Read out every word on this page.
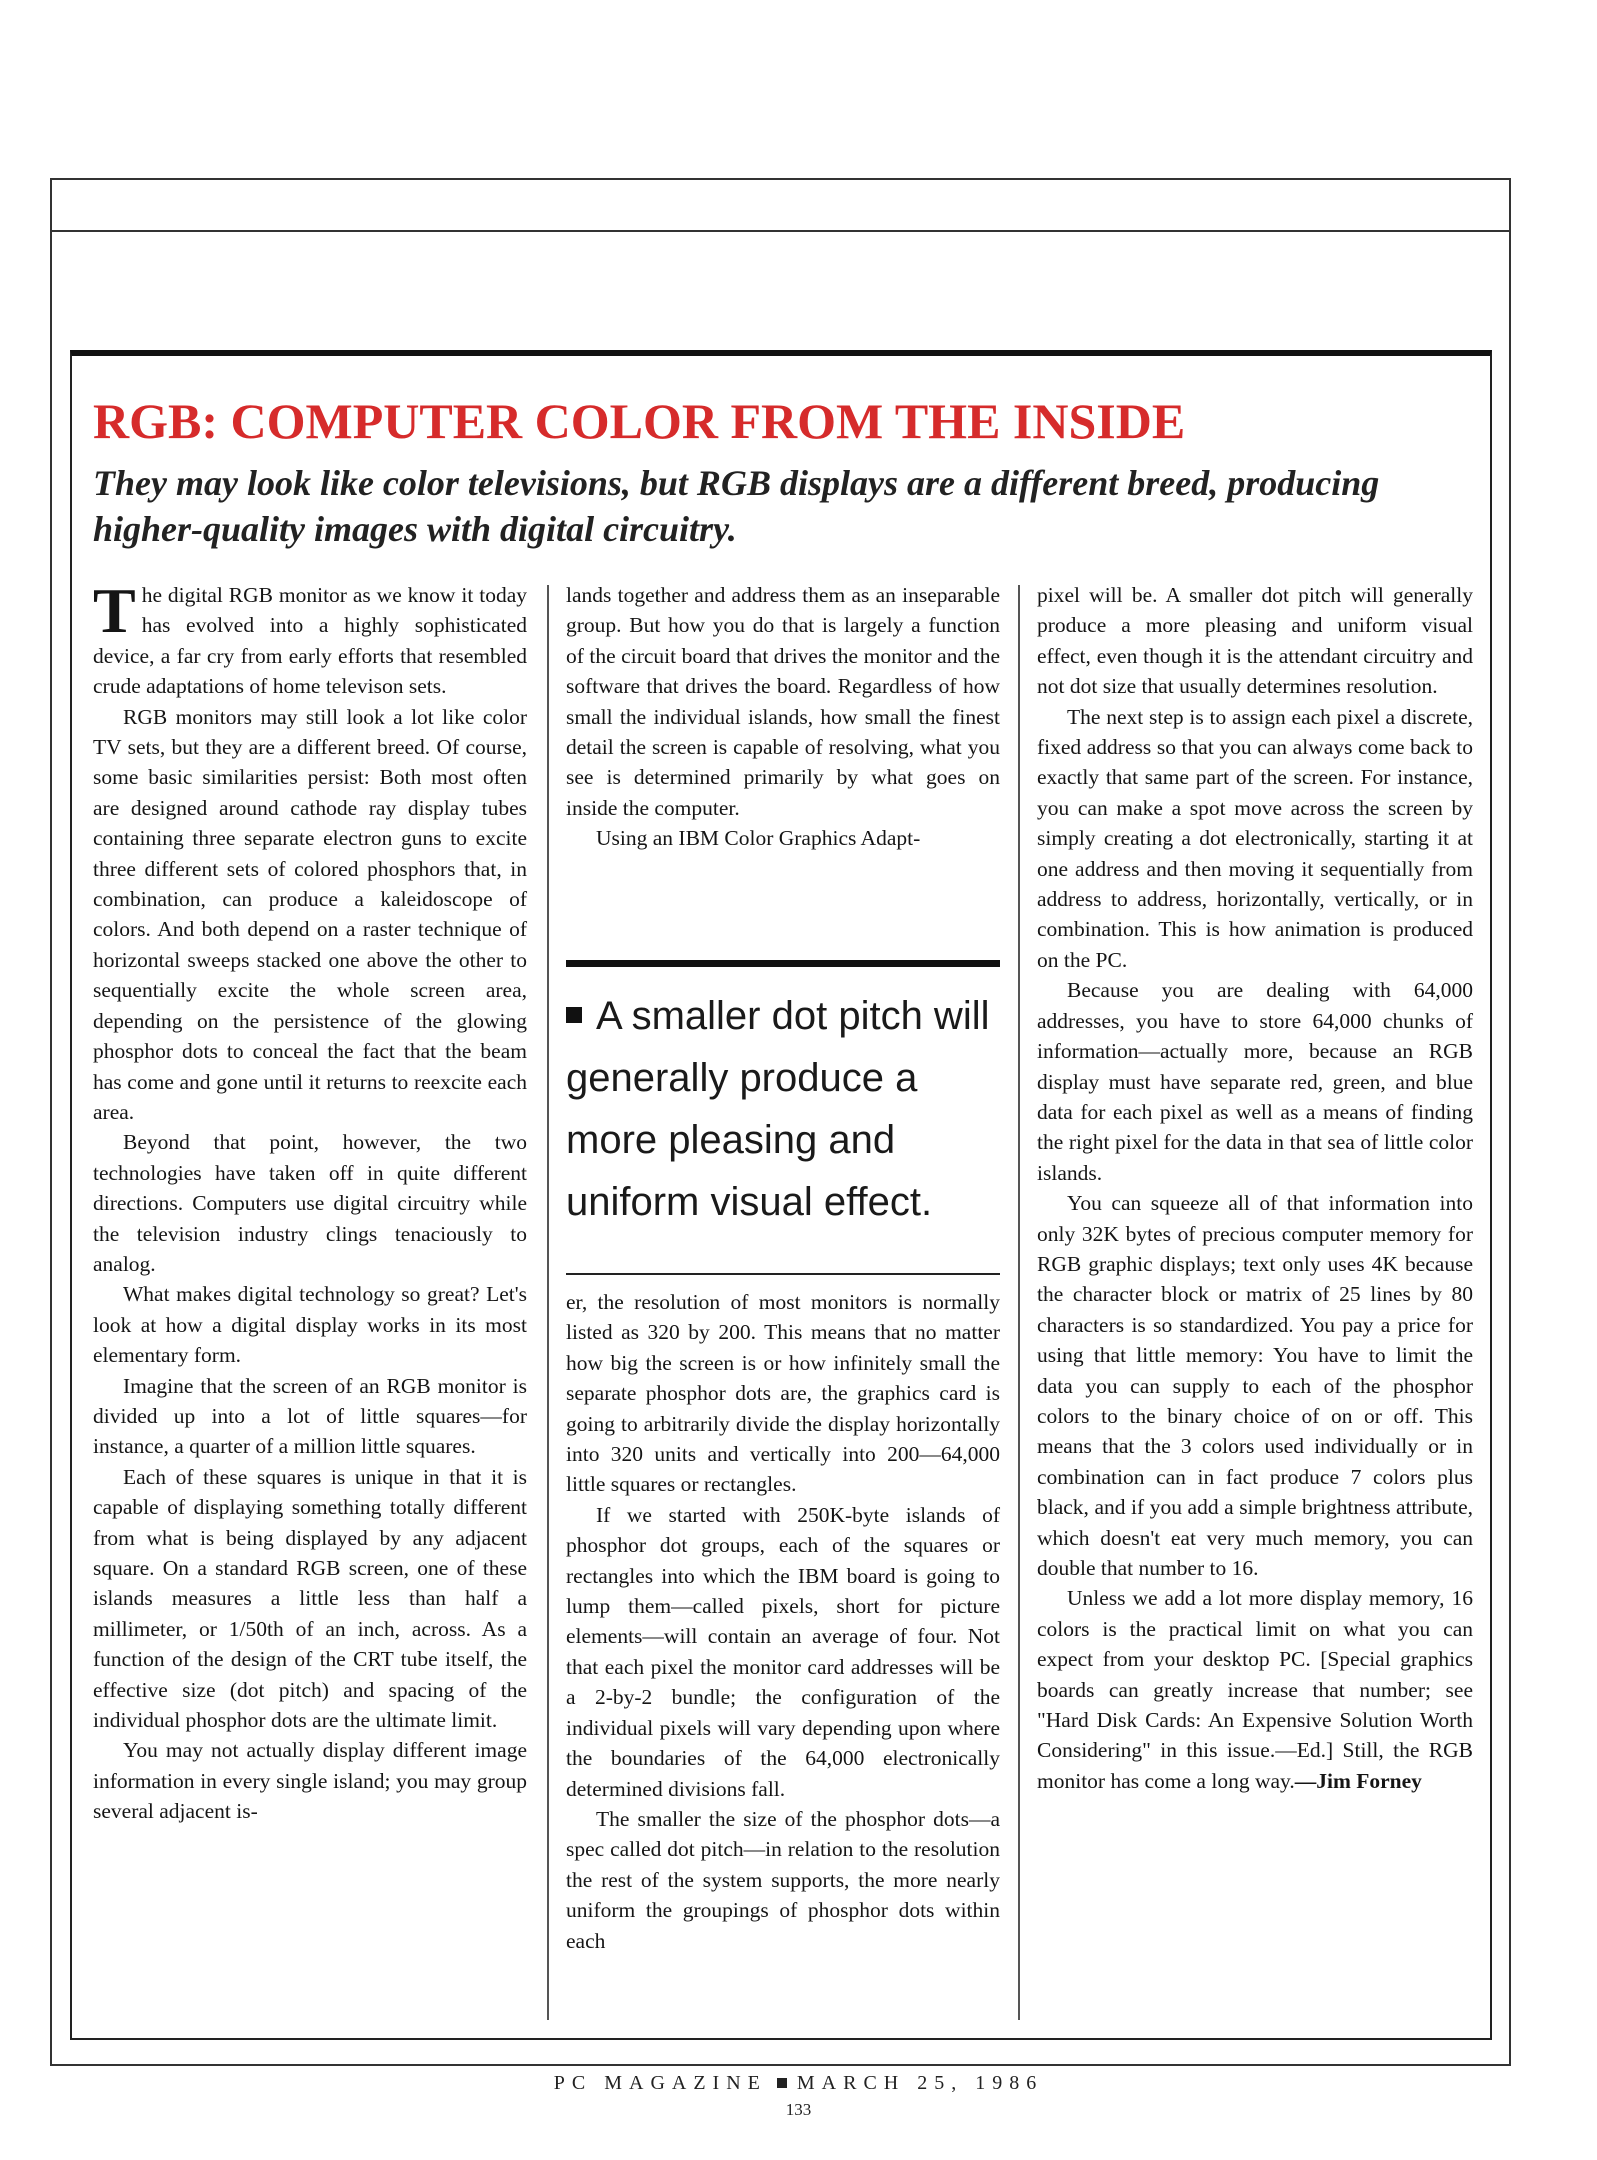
RGB: COMPUTER COLOR FROM THE INSIDE
They may look like color televisions, but RGB displays are a different breed, producing higher-quality images with digital circuitry.

The digital RGB monitor as we know it today has evolved into a highly sophisticated device, a far cry from early efforts that resembled crude adaptations of home televison sets.

RGB monitors may still look a lot like color TV sets, but they are a different breed. Of course, some basic similarities persist: Both most often are designed around cathode ray display tubes containing three separate electron guns to excite three different sets of colored phosphors that, in combination, can produce a kaleidoscope of colors. And both depend on a raster technique of horizontal sweeps stacked one above the other to sequentially excite the whole screen area, depending on the persistence of the glowing phosphor dots to conceal the fact that the beam has come and gone until it returns to reexcite each area.

Beyond that point, however, the two technologies have taken off in quite different directions. Computers use digital circuitry while the television industry clings tenaciously to analog.

What makes digital technology so great? Let's look at how a digital display works in its most elementary form.

Imagine that the screen of an RGB monitor is divided up into a lot of little squares—for instance, a quarter of a million little squares.

Each of these squares is unique in that it is capable of displaying something totally different from what is being displayed by any adjacent square. On a standard RGB screen, one of these islands measures a little less than half a millimeter, or 1/50th of an inch, across. As a function of the design of the CRT tube itself, the effective size (dot pitch) and spacing of the individual phosphor dots are the ultimate limit.

You may not actually display different image information in every single island; you may group several adjacent is-

lands together and address them as an inseparable group. But how you do that is largely a function of the circuit board that drives the monitor and the software that drives the board. Regardless of how small the individual islands, how small the finest detail the screen is capable of resolving, what you see is determined primarily by what goes on inside the computer.

Using an IBM Color Graphics Adapt-

A smaller dot pitch will generally produce a more pleasing and uniform visual effect.

er, the resolution of most monitors is normally listed as 320 by 200. This means that no matter how big the screen is or how infinitely small the separate phosphor dots are, the graphics card is going to arbitrarily divide the display horizontally into 320 units and vertically into 200—64,000 little squares or rectangles.

If we started with 250K-byte islands of phosphor dot groups, each of the squares or rectangles into which the IBM board is going to lump them—called pixels, short for picture elements—will contain an average of four. Not that each pixel the monitor card addresses will be a 2-by-2 bundle; the configuration of the individual pixels will vary depending upon where the boundaries of the 64,000 electronically determined divisions fall.

The smaller the size of the phosphor dots—a spec called dot pitch—in relation to the resolution the rest of the system supports, the more nearly uniform the groupings of phosphor dots within each

pixel will be. A smaller dot pitch will generally produce a more pleasing and uniform visual effect, even though it is the attendant circuitry and not dot size that usually determines resolution.

The next step is to assign each pixel a discrete, fixed address so that you can always come back to exactly that same part of the screen. For instance, you can make a spot move across the screen by simply creating a dot electronically, starting it at one address and then moving it sequentially from address to address, horizontally, vertically, or in combination. This is how animation is produced on the PC.

Because you are dealing with 64,000 addresses, you have to store 64,000 chunks of information—actually more, because an RGB display must have separate red, green, and blue data for each pixel as well as a means of finding the right pixel for the data in that sea of little color islands.

You can squeeze all of that information into only 32K bytes of precious computer memory for RGB graphic displays; text only uses 4K because the character block or matrix of 25 lines by 80 characters is so standardized. You pay a price for using that little memory: You have to limit the data you can supply to each of the phosphor colors to the binary choice of on or off. This means that the 3 colors used individually or in combination can in fact produce 7 colors plus black, and if you add a simple brightness attribute, which doesn't eat very much memory, you can double that number to 16.

Unless we add a lot more display memory, 16 colors is the practical limit on what you can expect from your desktop PC. [Special graphics boards can greatly increase that number; see "Hard Disk Cards: An Expensive Solution Worth Considering" in this issue.—Ed.] Still, the RGB monitor has come a long way.—Jim Forney

PC MAGAZINE MARCH 25, 1986
133
